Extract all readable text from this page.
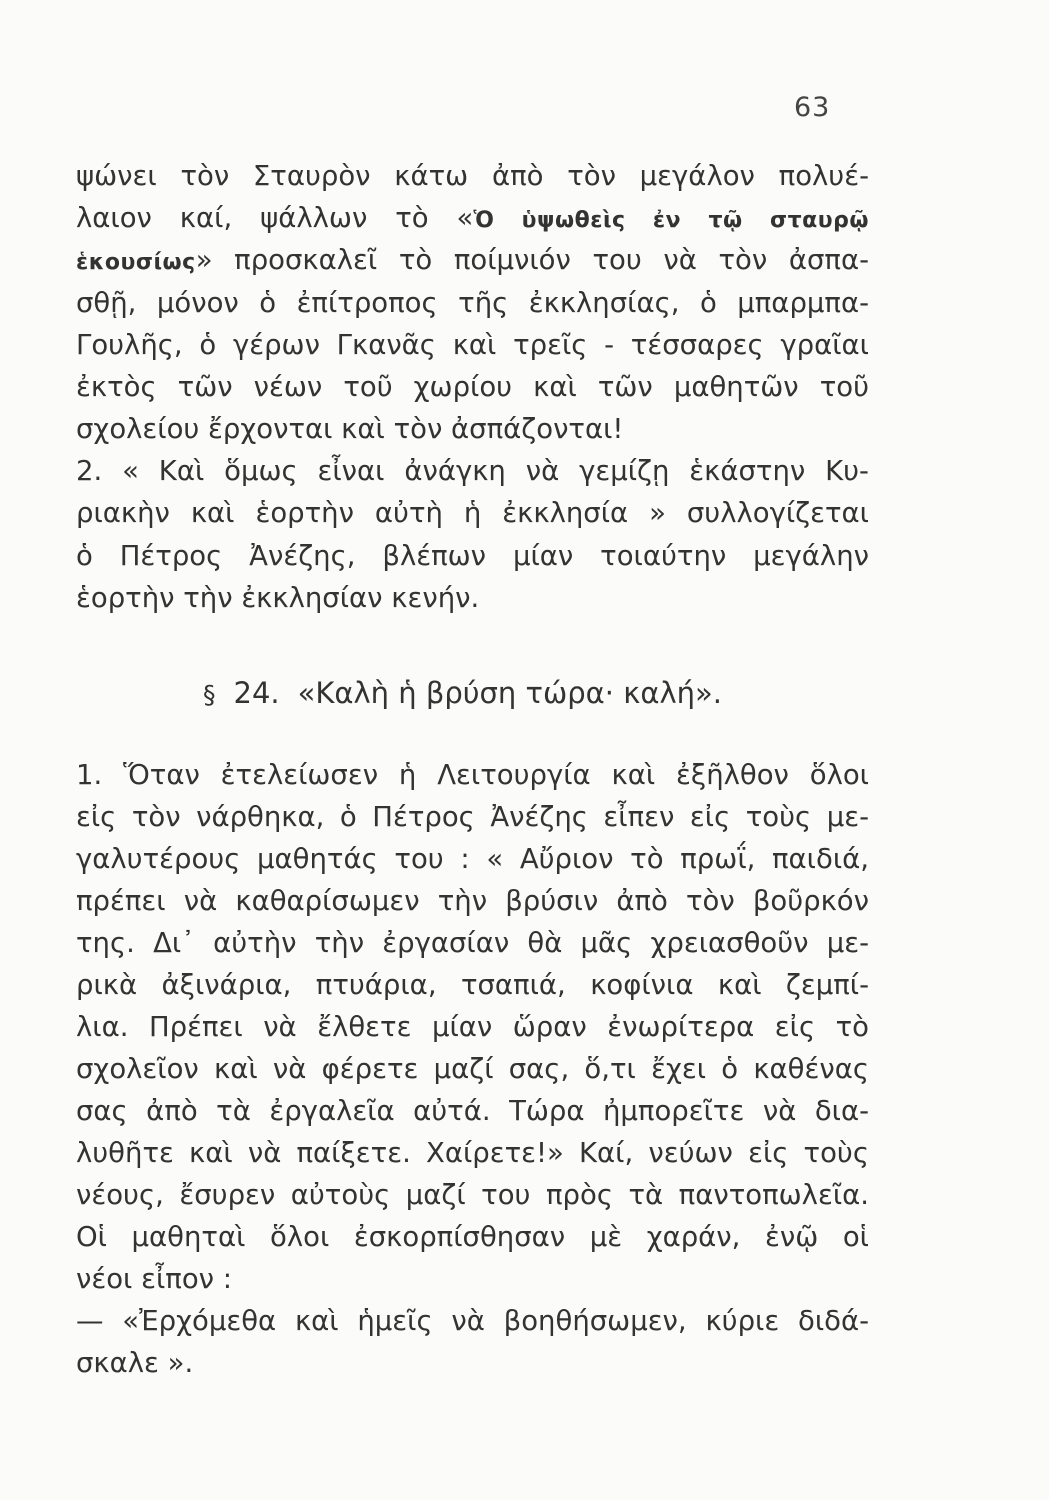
63

ψώνει τὸν Σταυρὸν κάτω ἀπὸ τὸν μεγάλον πολυέ-

λαιον καί, ψάλλων τὸ «Ὁ ὑψωθεὶς ἐν τῷ σταυρῷ

ἑκουσίως» προσκαλεῖ τὸ ποίμνιόν του νὰ τὸν ἀσπα-

σθῇ, μόνον ὁ ἐπίτροπος τῆς ἐκκλησίας, ὁ μπαρμπα-

Γουλῆς, ὁ γέρων Γκανᾶς καὶ τρεῖς - τέσσαρες γραῖαι

ἐκτὸς τῶν νέων τοῦ χωρίου καὶ τῶν μαθητῶν τοῦ

σχολείου ἔρχονται καὶ τὸν ἀσπάζονται!

2. « Καὶ ὅμως εἶναι ἀνάγκη νὰ γεμίζῃ ἑκάστην Κυ-

ριακὴν καὶ ἑορτὴν αὐτὴ ἡ ἐκκλησία » συλλογίζεται

ὁ Πέτρος Ἀνέζης, βλέπων μίαν τοιαύτην μεγάλην

ἑορτὴν τὴν ἐκκλησίαν κενήν.

§ 24. «Καλὴ ἡ βρύση τώρα· καλή».

1. Ὅταν ἐτελείωσεν ἡ Λειτουργία καὶ ἐξῆλθον ὅλοι

εἰς τὸν νάρθηκα, ὁ Πέτρος Ἀνέζης εἶπεν εἰς τοὺς με-

γαλυτέρους μαθητάς του : « Αὔριον τὸ πρωΐ, παιδιά,

πρέπει νὰ καθαρίσωμεν τὴν βρύσιν ἀπὸ τὸν βοῦρκόν

της. Δι᾽ αὐτὴν τὴν ἐργασίαν θὰ μᾶς χρειασθοῦν με-

ρικὰ ἀξινάρια, πτυάρια, τσαπιά, κοφίνια καὶ ζεμπί-

λια. Πρέπει νὰ ἔλθετε μίαν ὥραν ἐνωρίτερα εἰς τὸ

σχολεῖον καὶ νὰ φέρετε μαζί σας, ὅ,τι ἔχει ὁ καθένας

σας ἀπὸ τὰ ἐργαλεῖα αὐτά. Τώρα ἠμπορεῖτε νὰ δια-

λυθῆτε καὶ νὰ παίξετε. Χαίρετε!» Καί, νεύων εἰς τοὺς

νέους, ἔσυρεν αὐτοὺς μαζί του πρὸς τὰ παντοπωλεῖα.

Οἱ μαθηταὶ ὅλοι ἐσκορπίσθησαν μὲ χαράν, ἐνῷ οἱ

νέοι εἶπον :

— «Ἐρχόμεθα καὶ ἡμεῖς νὰ βοηθήσωμεν, κύριε διδά-

σκαλε ».
